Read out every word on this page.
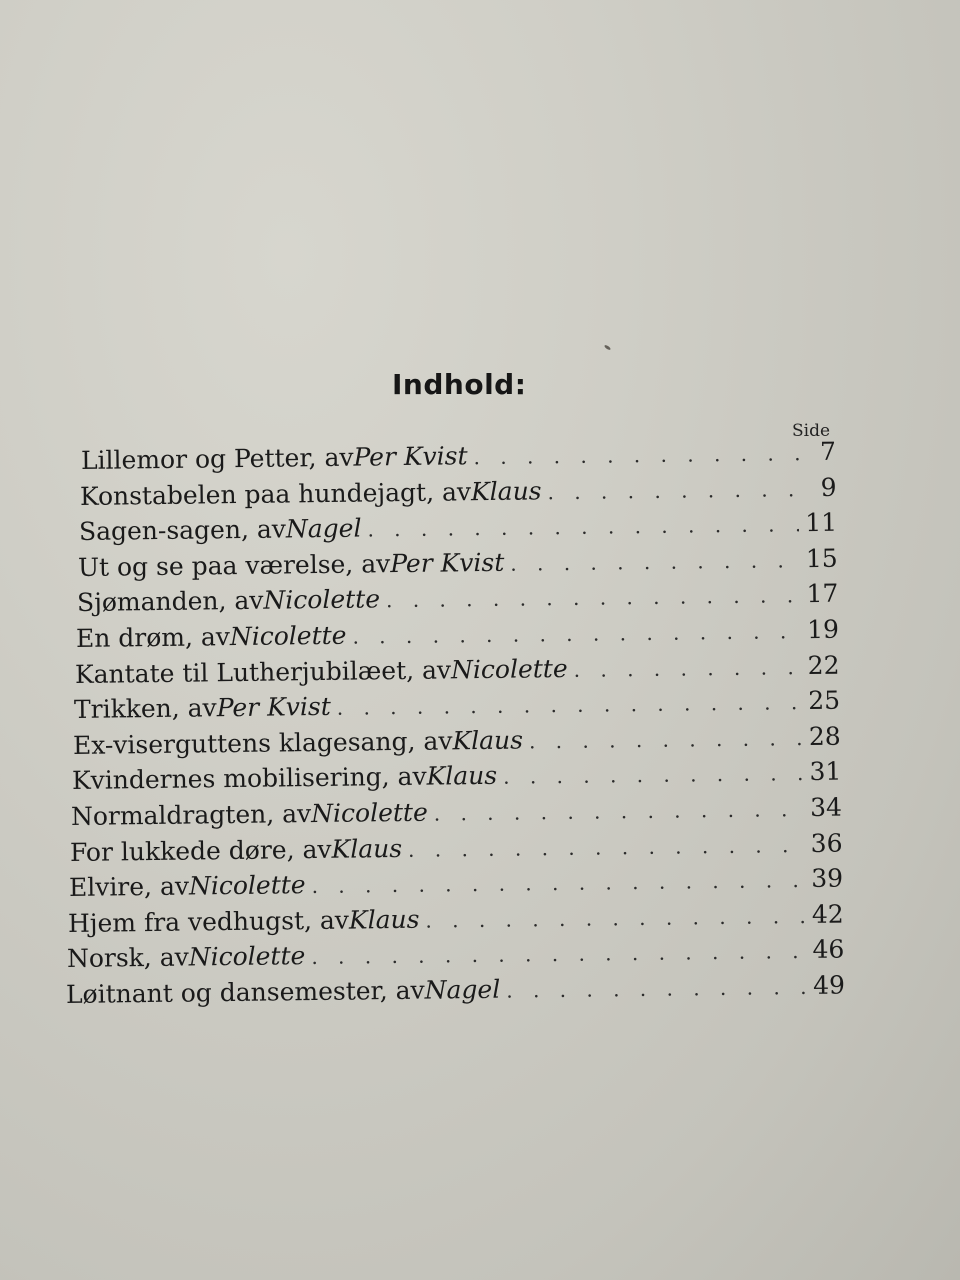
Indhold:
Side
Lillemor og Petter, av Per Kvist . . .	7
Konstabelen paa hundejagt, av Klaus . . .	9
Sagen-sagen, av Nagel . . .	11
Ut og se paa værelse, av Per Kvist . . .	15
Sjømanden, av Nicolette . . .	17
En drøm, av Nicolette . . .	19
Kantate til Lutherjubilæet, av Nicolette . . .	22
Trikken, av Per Kvist . . .	25
Ex-viserguttens klagesang, av Klaus . . .	28
Kvindernes mobilisering, av Klaus . . .	31
Normaldragten, av Nicolette . . .	34
For lukkede døre, av Klaus . . .	36
Elvire, av Nicolette . . .	39
Hjem fra vedhugst, av Klaus . . .	42
Norsk, av Nicolette . . .	46
Løitnant og dansemester, av Nagel . . .	49
